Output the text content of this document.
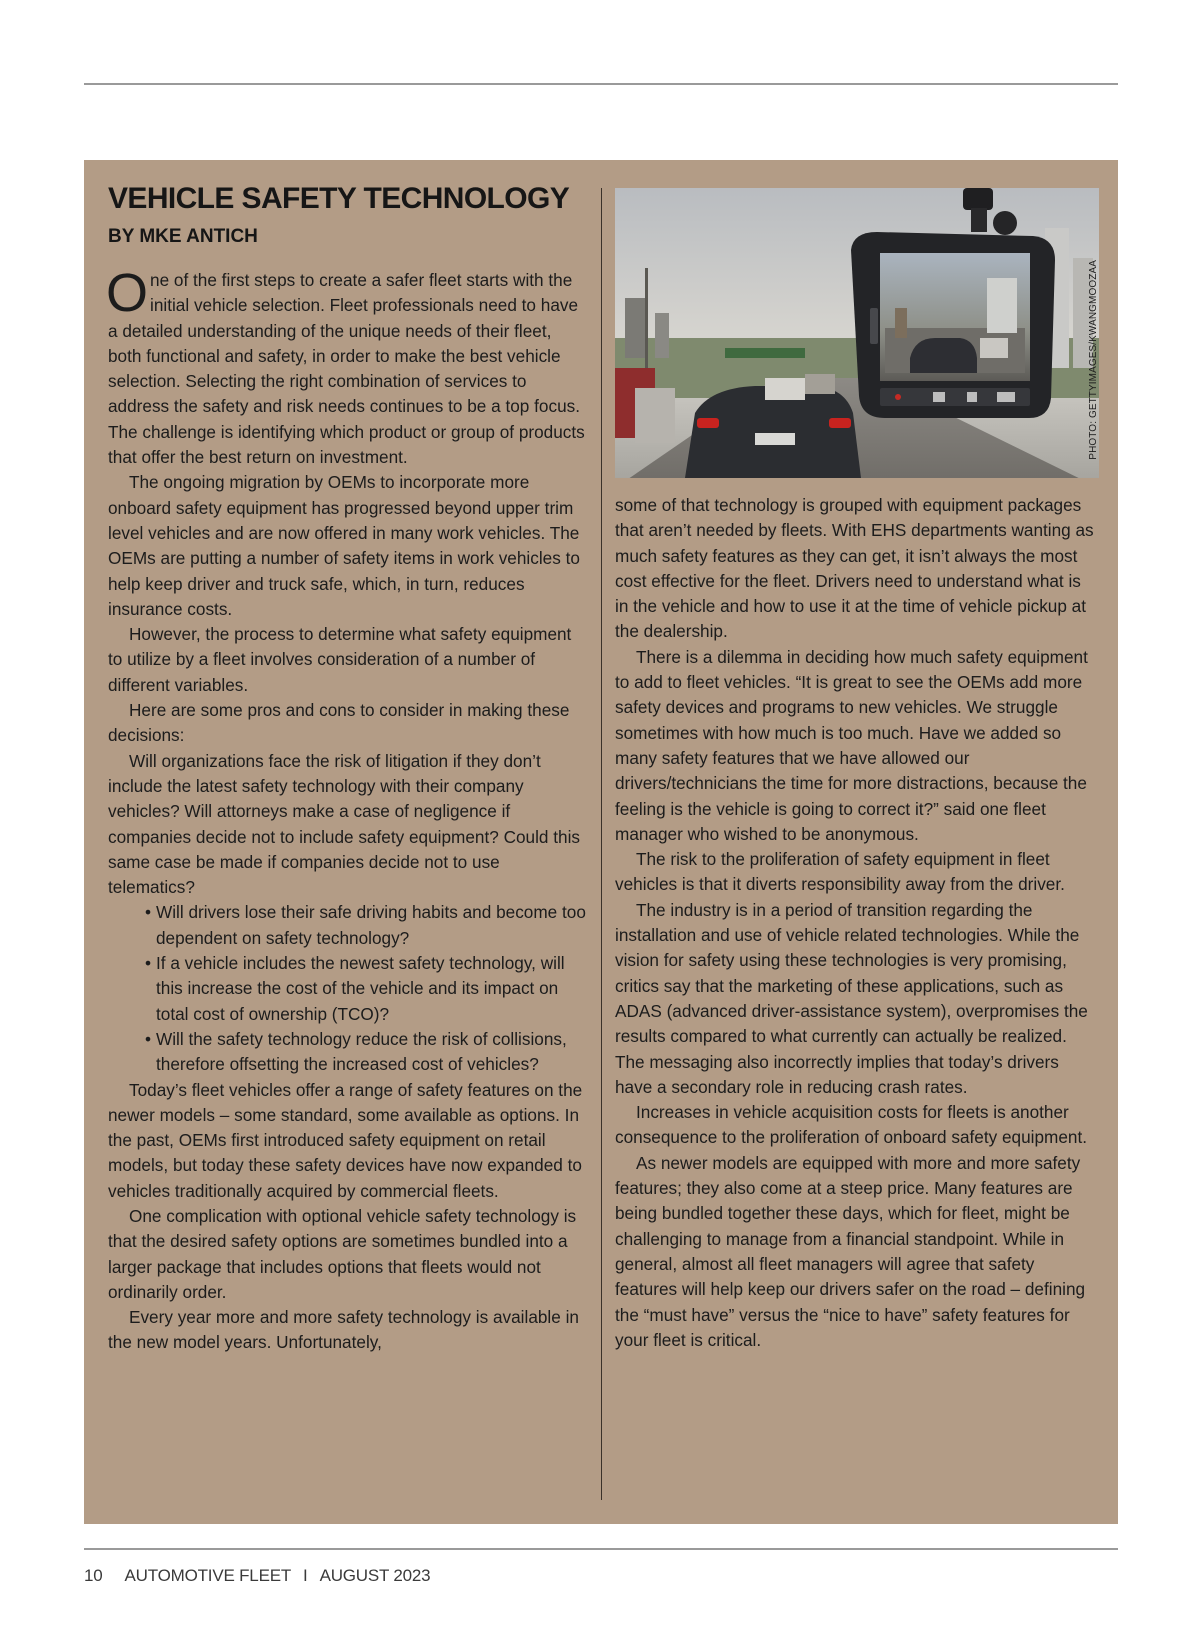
VEHICLE SAFETY TECHNOLOGY
BY MKE ANTICH

One of the first steps to create a safer fleet starts with the initial vehicle selection. Fleet professionals need to have a detailed understanding of the unique needs of their fleet, both functional and safety, in order to make the best vehicle selection. Selecting the right combination of services to address the safety and risk needs continues to be a top focus. The challenge is identifying which product or group of products that offer the best return on investment.

The ongoing migration by OEMs to incorporate more onboard safety equipment has progressed beyond upper trim level vehicles and are now offered in many work vehicles. The OEMs are putting a number of safety items in work vehicles to help keep driver and truck safe, which, in turn, reduces insurance costs.

However, the process to determine what safety equipment to utilize by a fleet involves consideration of a number of different variables.

Here are some pros and cons to consider in making these decisions:

Will organizations face the risk of litigation if they don’t include the latest safety technology with their company vehicles? Will attorneys make a case of negligence if companies decide not to include safety equipment? Could this same case be made if companies decide not to use telematics?

• Will drivers lose their safe driving habits and become too dependent on safety technology?
• If a vehicle includes the newest safety technology, will this increase the cost of the vehicle and its impact on total cost of ownership (TCO)?
• Will the safety technology reduce the risk of collisions, therefore offsetting the increased cost of vehicles?

Today’s fleet vehicles offer a range of safety features on the newer models – some standard, some available as options. In the past, OEMs first introduced safety equipment on retail models, but today these safety devices have now expanded to vehicles traditionally acquired by commercial fleets.

One complication with optional vehicle safety technology is that the desired safety options are sometimes bundled into a larger package that includes options that fleets would not ordinarily order.

Every year more and more safety technology is available in the new model years. Unfortunately,

some of that technology is grouped with equipment packages that aren’t needed by fleets. With EHS departments wanting as much safety features as they can get, it isn’t always the most cost effective for the fleet. Drivers need to understand what is in the vehicle and how to use it at the time of vehicle pickup at the dealership.

There is a dilemma in deciding how much safety equipment to add to fleet vehicles. “It is great to see the OEMs add more safety devices and programs to new vehicles. We struggle sometimes with how much is too much. Have we added so many safety features that we have allowed our drivers/technicians the time for more distractions, because the feeling is the vehicle is going to correct it?” said one fleet manager who wished to be anonymous.

The risk to the proliferation of safety equipment in fleet vehicles is that it diverts responsibility away from the driver.

The industry is in a period of transition regarding the installation and use of vehicle related technologies. While the vision for safety using these technologies is very promising, critics say that the marketing of these applications, such as ADAS (advanced driver-assistance system), overpromises the results compared to what currently can actually be realized. The messaging also incorrectly implies that today’s drivers have a secondary role in reducing crash rates.

Increases in vehicle acquisition costs for fleets is another consequence to the proliferation of onboard safety equipment.

As newer models are equipped with more and more safety features; they also come at a steep price. Many features are being bundled together these days, which for fleet, might be challenging to manage from a financial standpoint. While in general, almost all fleet managers will agree that safety features will help keep our drivers safer on the road – defining the “must have” versus the “nice to have” safety features for your fleet is critical.

PHOTO: GETTYIMAGES/KWANGMOOZAA
10 AUTOMOTIVE FLEET I AUGUST 2023
